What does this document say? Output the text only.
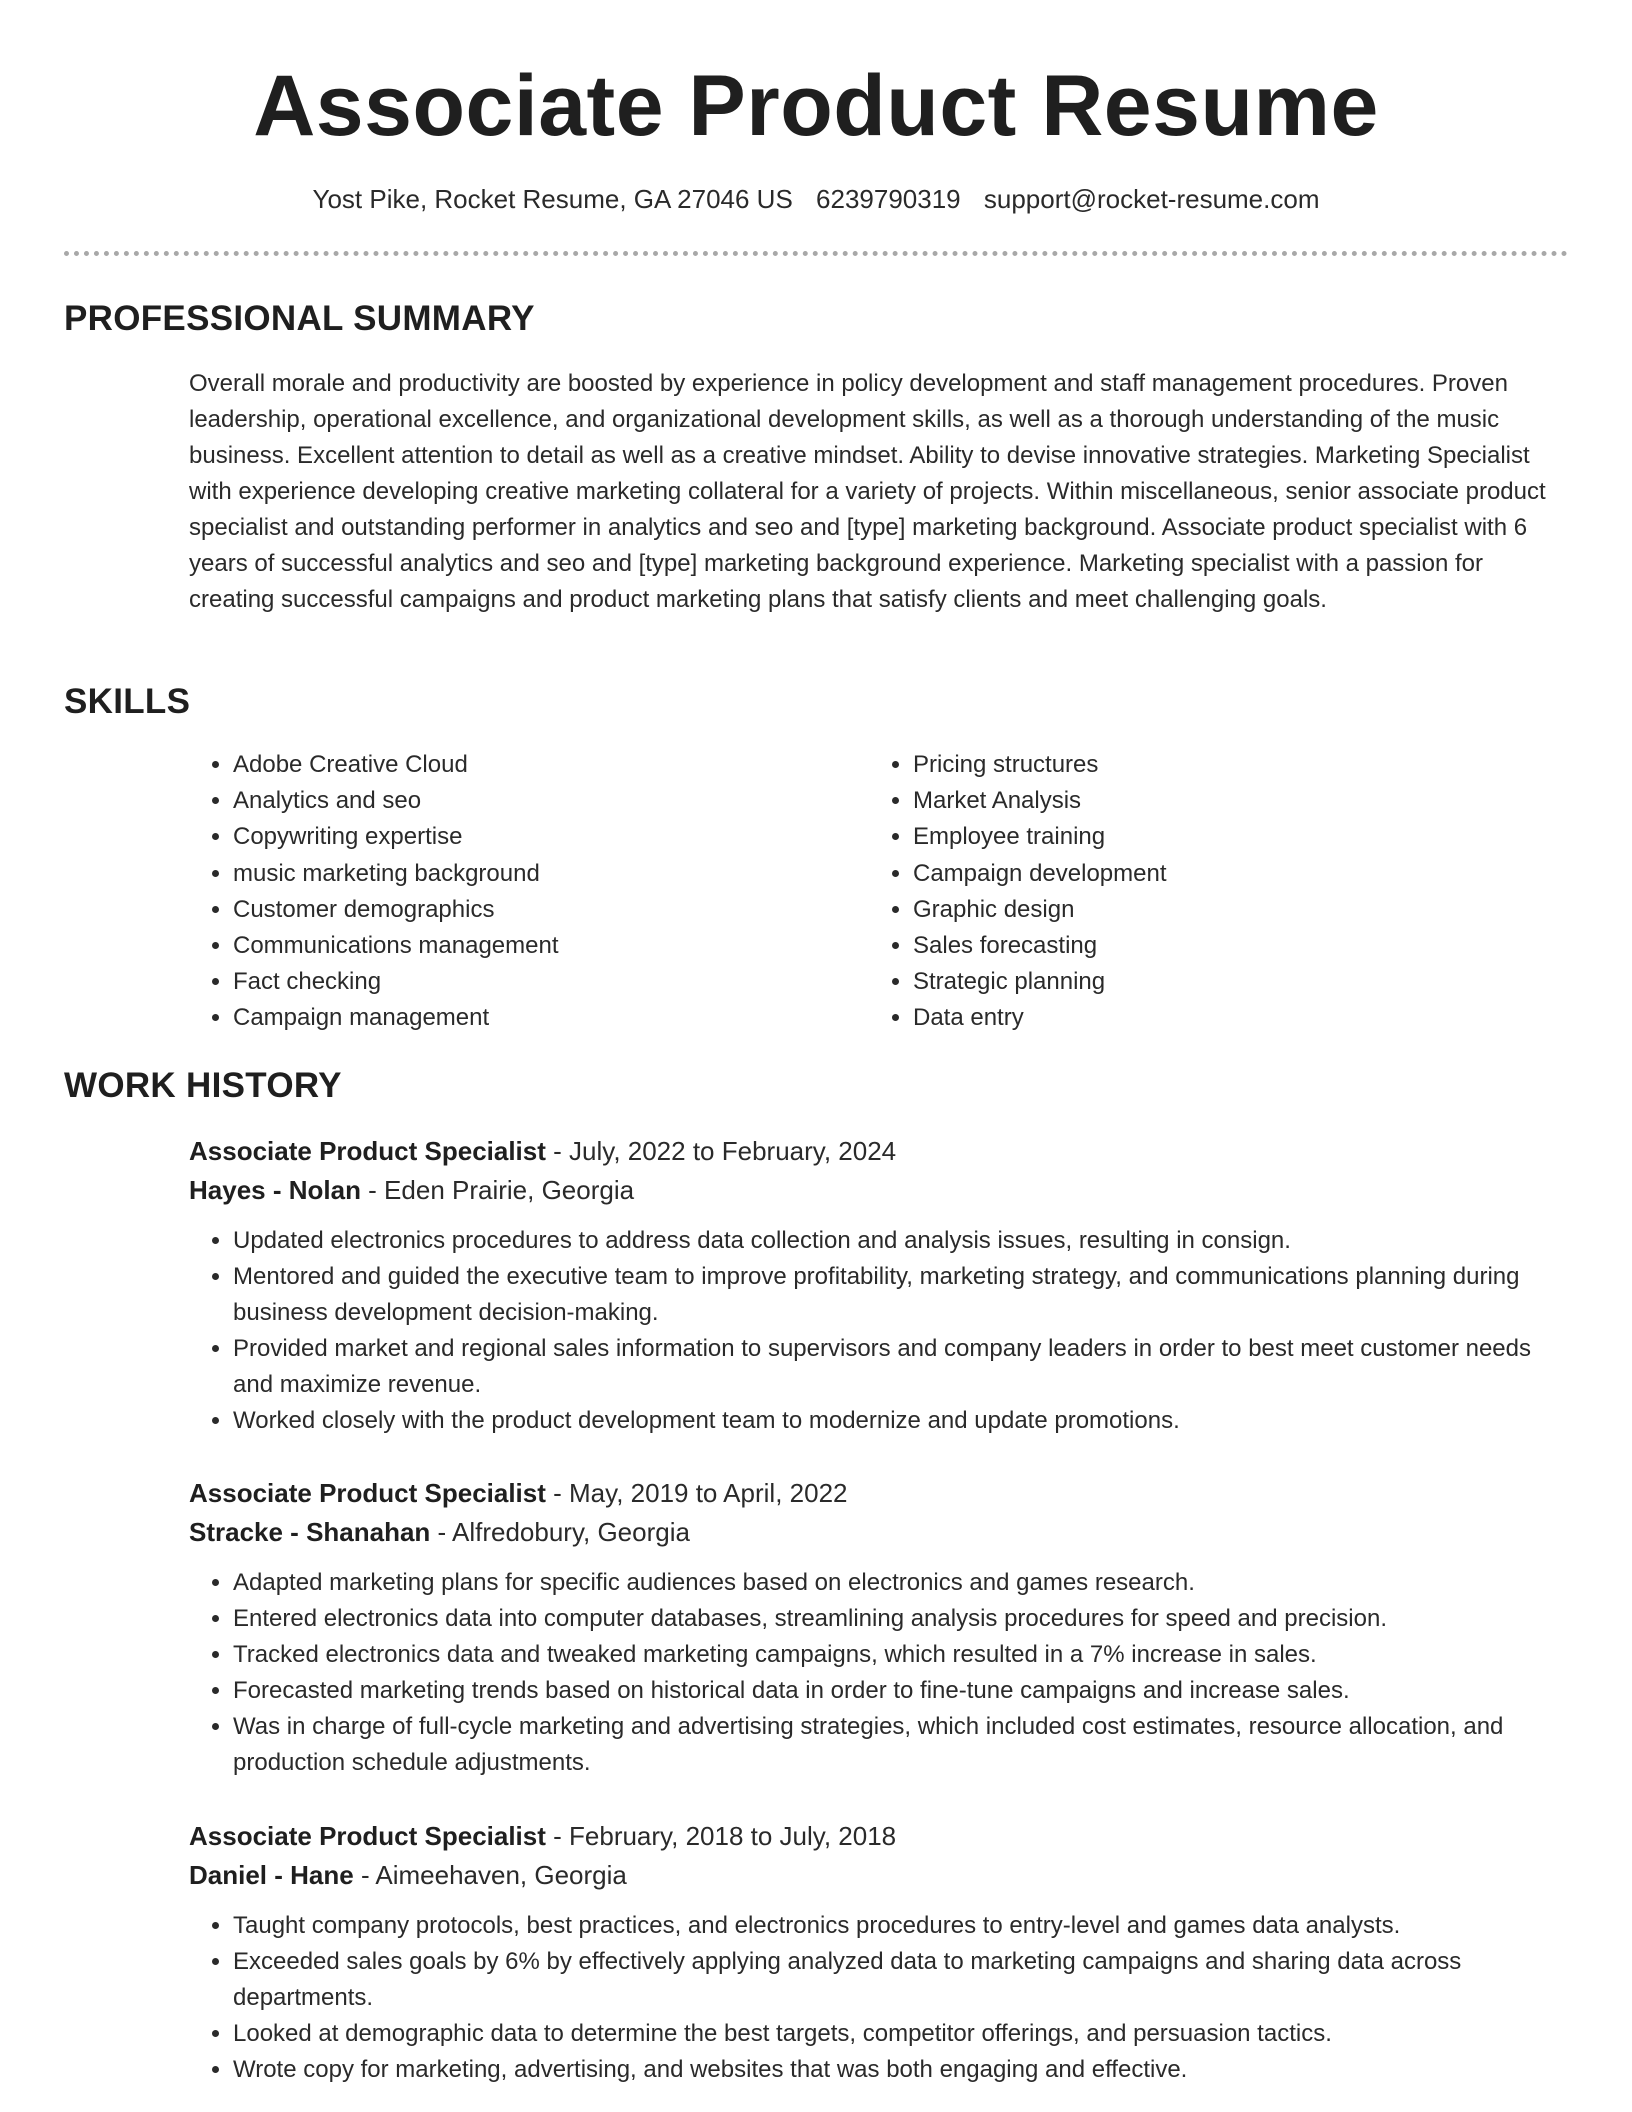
Associate Product Resume
Yost Pike, Rocket Resume, GA 27046 US 6239790319 support@rocket-resume.com
PROFESSIONAL SUMMARY

Overall morale and productivity are boosted by experience in policy development and staff management procedures. Proven leadership, operational excellence, and organizational development skills, as well as a thorough understanding of the music business. Excellent attention to detail as well as a creative mindset. Ability to devise innovative strategies. Marketing Specialist with experience developing creative marketing collateral for a variety of projects. Within miscellaneous, senior associate product specialist and outstanding performer in analytics and seo and [type] marketing background. Associate product specialist with 6 years of successful analytics and seo and [type] marketing background experience. Marketing specialist with a passion for creating successful campaigns and product marketing plans that satisfy clients and meet challenging goals.

SKILLS
• Adobe Creative Cloud
• Analytics and seo
• Copywriting expertise
• music marketing background
• Customer demographics
• Communications management
• Fact checking
• Campaign management
• Pricing structures
• Market Analysis
• Employee training
• Campaign development
• Graphic design
• Sales forecasting
• Strategic planning
• Data entry
WORK HISTORY

Associate Product Specialist - July, 2022 to February, 2024

Hayes - Nolan - Eden Prairie, Georgia

• Updated electronics procedures to address data collection and analysis issues, resulting in consign.
• Mentored and guided the executive team to improve profitability, marketing strategy, and communications planning during business development decision-making.
• Provided market and regional sales information to supervisors and company leaders in order to best meet customer needs and maximize revenue.
• Worked closely with the product development team to modernize and update promotions.

Associate Product Specialist - May, 2019 to April, 2022

Stracke - Shanahan - Alfredobury, Georgia

• Adapted marketing plans for specific audiences based on electronics and games research.
• Entered electronics data into computer databases, streamlining analysis procedures for speed and precision.
• Tracked electronics data and tweaked marketing campaigns, which resulted in a 7% increase in sales.
• Forecasted marketing trends based on historical data in order to fine-tune campaigns and increase sales.
• Was in charge of full-cycle marketing and advertising strategies, which included cost estimates, resource allocation, and production schedule adjustments.

Associate Product Specialist - February, 2018 to July, 2018

Daniel - Hane - Aimeehaven, Georgia

• Taught company protocols, best practices, and electronics procedures to entry-level and games data analysts.
• Exceeded sales goals by 6% by effectively applying analyzed data to marketing campaigns and sharing data across departments.
• Looked at demographic data to determine the best targets, competitor offerings, and persuasion tactics.
• Wrote copy for marketing, advertising, and websites that was both engaging and effective.
